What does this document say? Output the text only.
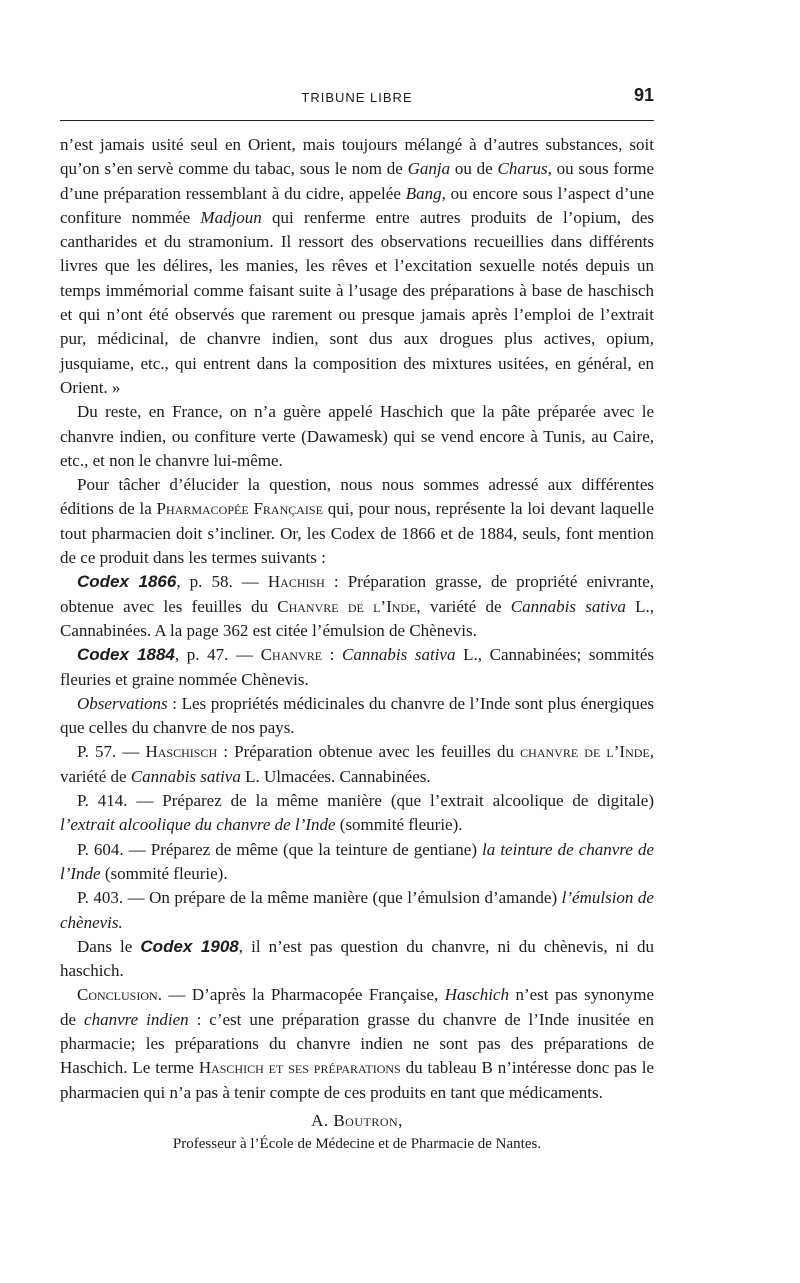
TRIBUNE LIBRE	91

n’est jamais usité seul en Orient, mais toujours mélangé à d’autres substances, soit qu’on s’en servè comme du tabac, sous le nom de Ganja ou de Charus, ou sous forme d’une préparation ressemblant à du cidre, appelée Bang, ou encore sous l’aspect d’une confiture nommée Madjoun qui renferme entre autres produits de l’opium, des cantharides et du stramonium. Il ressort des observations recueillies dans différents livres que les délires, les manies, les rêves et l’excitation sexuelle notés depuis un temps immémorial comme faisant suite à l’usage des préparations à base de haschisch et qui n’ont été observés que rarement ou presque jamais après l’emploi de l’extrait pur, médicinal, de chanvre indien, sont dus aux drogues plus actives, opium, jusquiame, etc., qui entrent dans la composition des mixtures usitées, en général, en Orient. »

Du reste, en France, on n’a guère appelé Haschich que la pâte préparée avec le chanvre indien, ou confiture verte (Dawamesk) qui se vend encore à Tunis, au Caire, etc., et non le chanvre lui-même.

Pour tâcher d’élucider la question, nous nous sommes adressé aux différentes éditions de la Pharmacopée Française qui, pour nous, représente la loi devant laquelle tout pharmacien doit s’incliner. Or, les Codex de 1866 et de 1884, seuls, font mention de ce produit dans les termes suivants :

Codex 1866, p. 58. — Hachish : Préparation grasse, de propriété enivrante, obtenue avec les feuilles du Chanvre de l’Inde, variété de Cannabis sativa L., Cannabinées. A la page 362 est citée l’émulsion de Chènevis.

Codex 1884, p. 47. — Chanvre : Cannabis sativa L., Cannabinées; sommités fleuries et graine nommée Chènevis.

Observations : Les propriétés médicinales du chanvre de l’Inde sont plus énergiques que celles du chanvre de nos pays.

P. 57. — Haschisch : Préparation obtenue avec les feuilles du chanvre de l’Inde, variété de Cannabis sativa L. Ulmacées. Cannabinées.

P. 414. — Préparez de la même manière (que l’extrait alcoolique de digitale) l’extrait alcoolique du chanvre de l’Inde (sommité fleurie).

P. 604. — Préparez de même (que la teinture de gentiane) la teinture de chanvre de l’Inde (sommité fleurie).

P. 403. — On prépare de la même manière (que l’émulsion d’amande) l’émulsion de chènevis.

Dans le Codex 1908, il n’est pas question du chanvre, ni du chènevis, ni du haschich.

Conclusion. — D’après la Pharmacopée Française, Haschich n’est pas synonyme de chanvre indien : c’est une préparation grasse du chanvre de l’Inde inusitée en pharmacie; les préparations du chanvre indien ne sont pas des préparations de Haschich. Le terme Haschich et ses préparations du tableau B n’intéresse donc pas le pharmacien qui n’a pas à tenir compte de ces produits en tant que médicaments.

A. Boutron,
Professeur à l’École de Médecine et de Pharmacie de Nantes.
